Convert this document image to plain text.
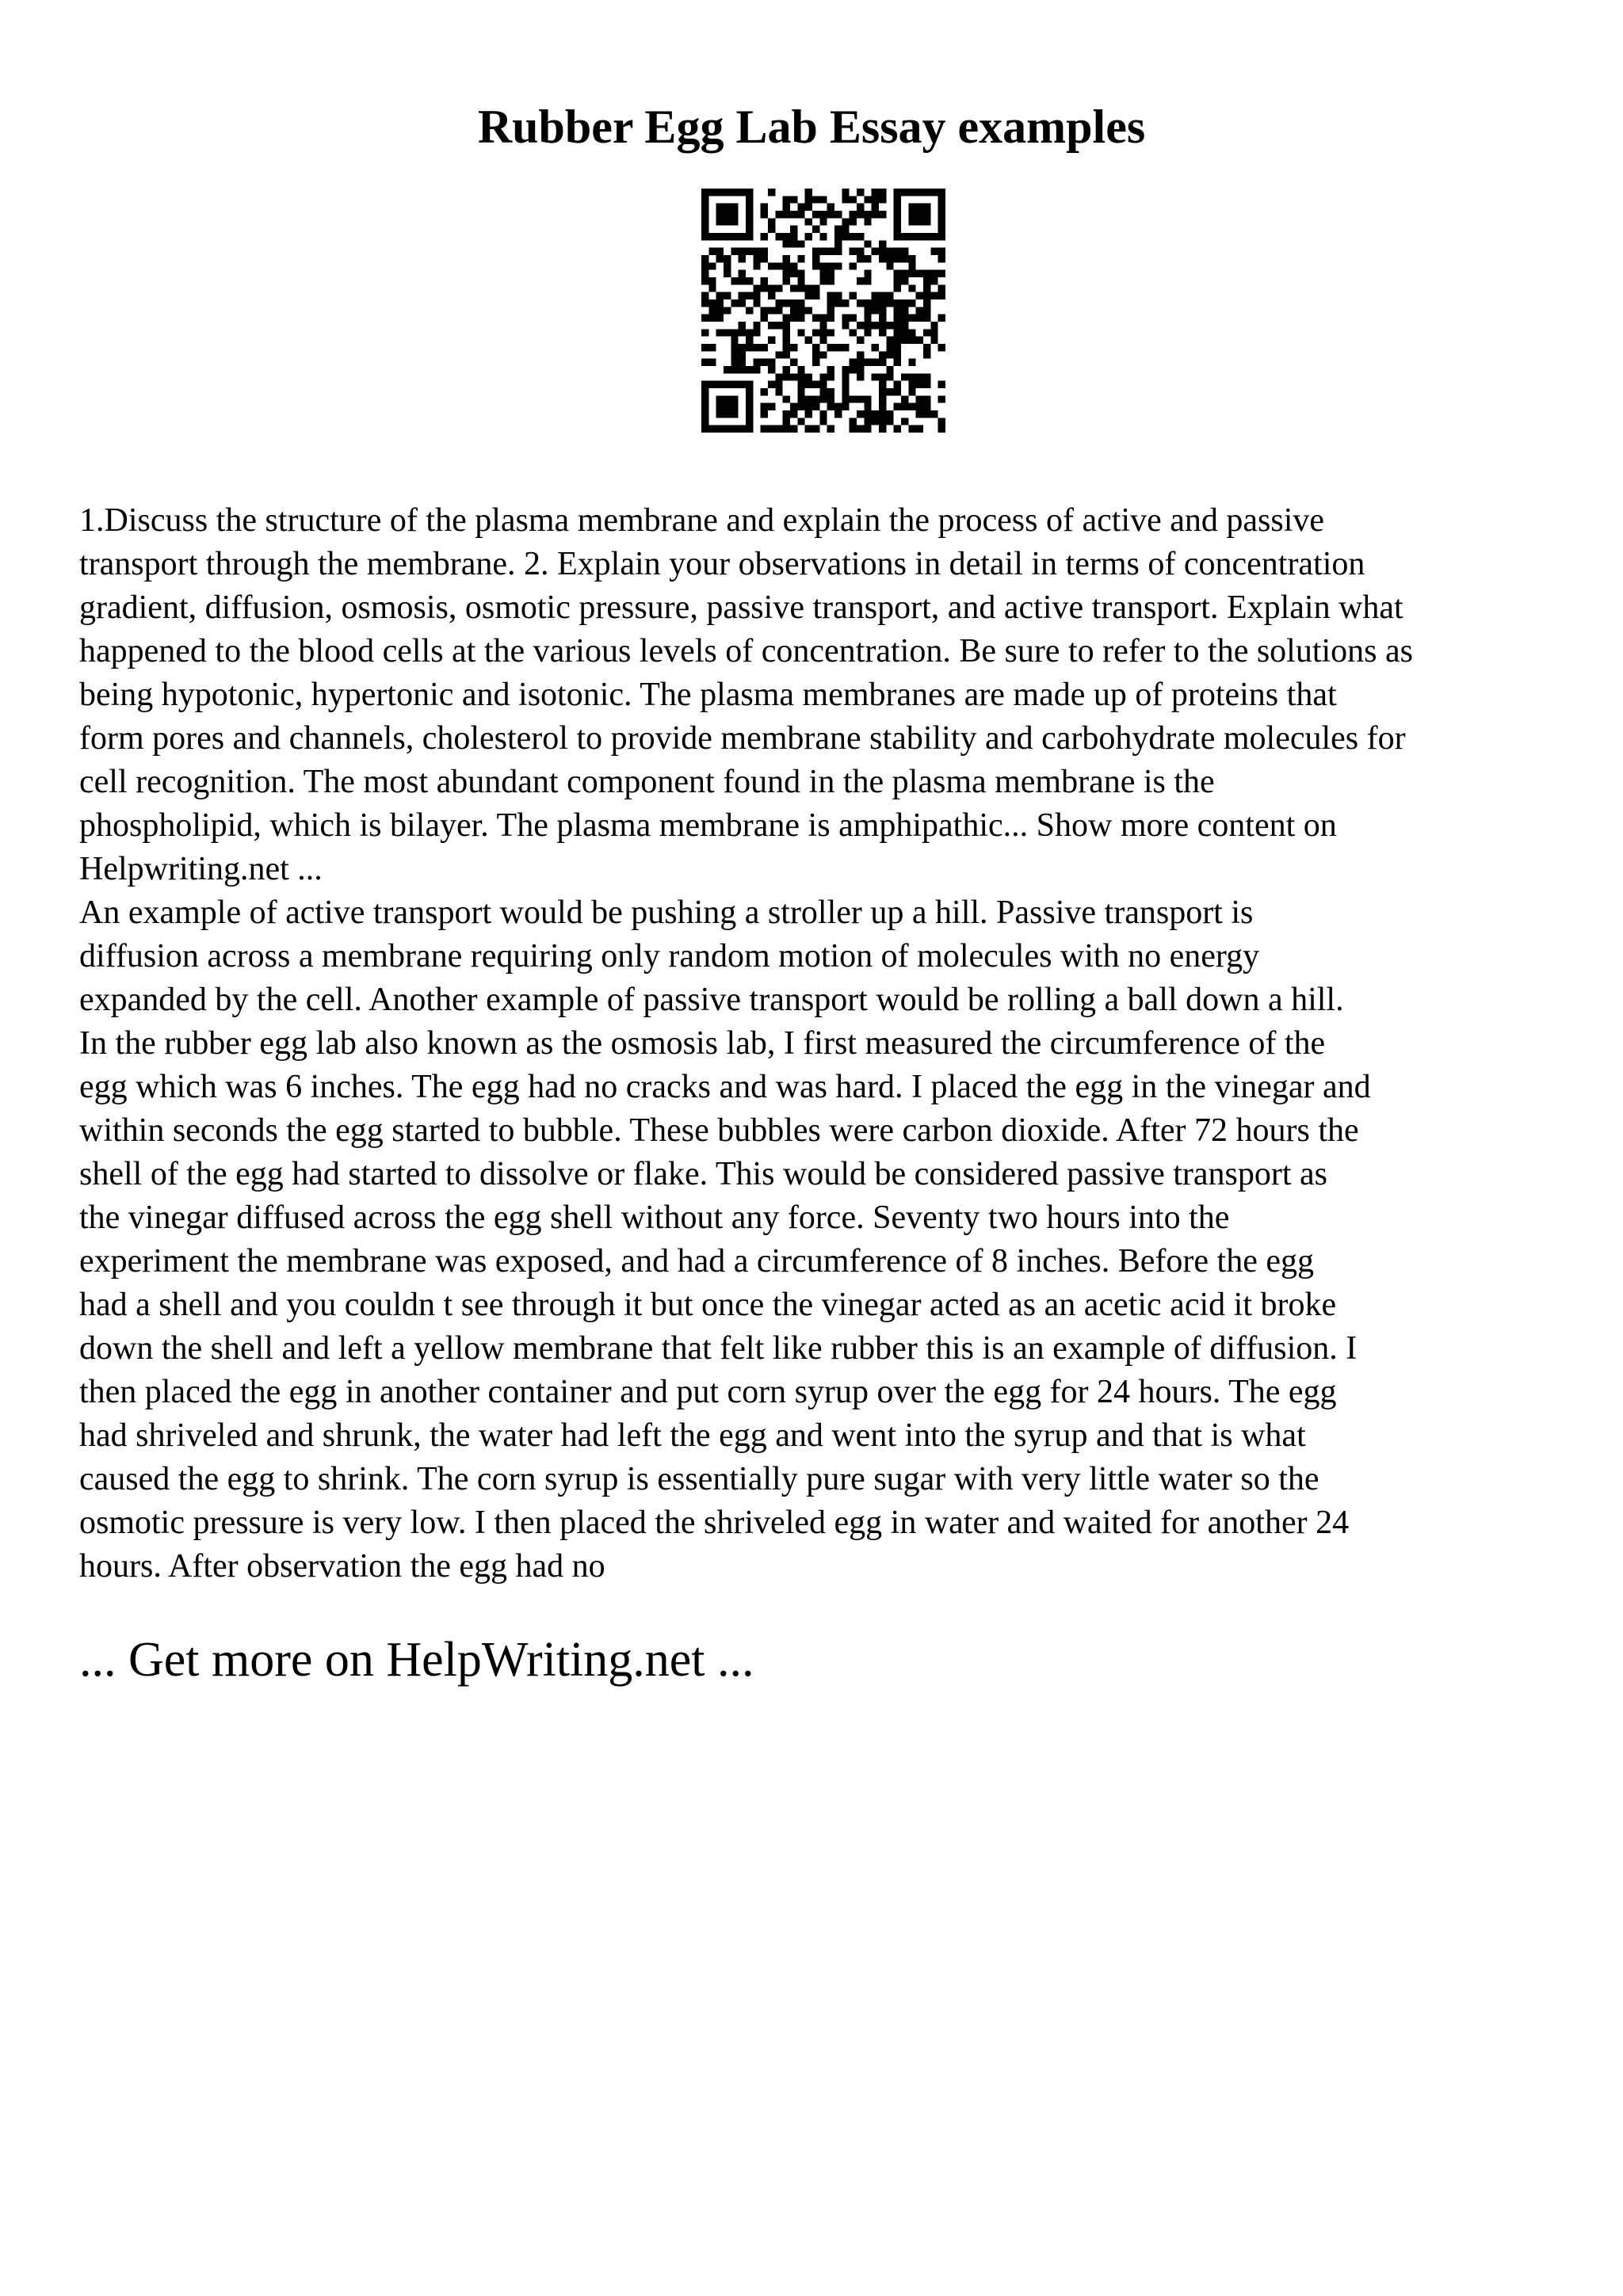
Rubber Egg Lab Essay examples
1.Discuss the structure of the plasma membrane and explain the process of active and passive
transport through the membrane. 2. Explain your observations in detail in terms of concentration
gradient, diffusion, osmosis, osmotic pressure, passive transport, and active transport. Explain what
happened to the blood cells at the various levels of concentration. Be sure to refer to the solutions as
being hypotonic, hypertonic and isotonic. The plasma membranes are made up of proteins that
form pores and channels, cholesterol to provide membrane stability and carbohydrate molecules for
cell recognition. The most abundant component found in the plasma membrane is the
phospholipid, which is bilayer. The plasma membrane is amphipathic... Show more content on
Helpwriting.net ...
An example of active transport would be pushing a stroller up a hill. Passive transport is
diffusion across a membrane requiring only random motion of molecules with no energy
expanded by the cell. Another example of passive transport would be rolling a ball down a hill.
In the rubber egg lab also known as the osmosis lab, I first measured the circumference of the
egg which was 6 inches. The egg had no cracks and was hard. I placed the egg in the vinegar and
within seconds the egg started to bubble. These bubbles were carbon dioxide. After 72 hours the
shell of the egg had started to dissolve or flake. This would be considered passive transport as
the vinegar diffused across the egg shell without any force. Seventy two hours into the
experiment the membrane was exposed, and had a circumference of 8 inches. Before the egg
had a shell and you couldn t see through it but once the vinegar acted as an acetic acid it broke
down the shell and left a yellow membrane that felt like rubber this is an example of diffusion. I
then placed the egg in another container and put corn syrup over the egg for 24 hours. The egg
had shriveled and shrunk, the water had left the egg and went into the syrup and that is what
caused the egg to shrink. The corn syrup is essentially pure sugar with very little water so the
osmotic pressure is very low. I then placed the shriveled egg in water and waited for another 24
hours. After observation the egg had no

... Get more on HelpWriting.net ...
